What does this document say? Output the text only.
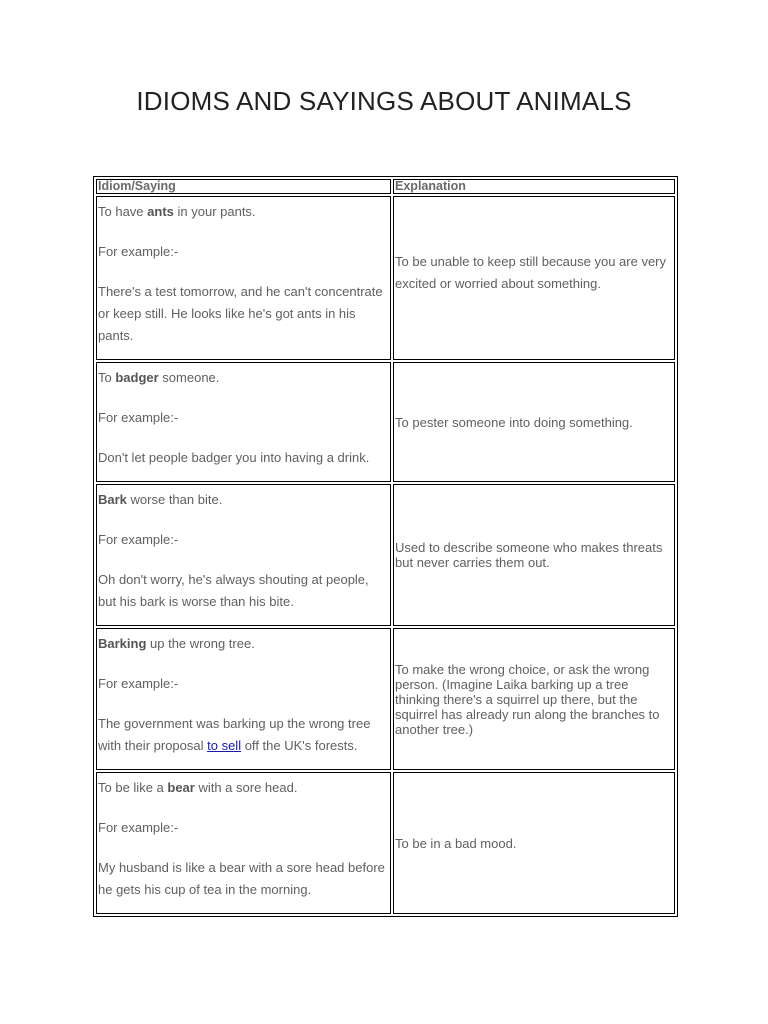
IDIOMS AND SAYINGS ABOUT ANIMALS
Idiom/Saying	Explanation

To have ants in your pants.

For example:-

There's a test tomorrow, and he can't concentrate or keep still. He looks like he's got ants in his pants.	To be unable to keep still because you are very excited or worried about something.

To badger someone.

For example:-

Don't let people badger you into having a drink.	To pester someone into doing something.

Bark worse than bite.

For example:-

Oh don't worry, he's always shouting at people, but his bark is worse than his bite.	Used to describe someone who makes threats but never carries them out.

Barking up the wrong tree.

For example:-

The government was barking up the wrong tree with their proposal to sell off the UK's forests.	To make the wrong choice, or ask the wrong person. (Imagine Laika barking up a tree thinking there's a squirrel up there, but the squirrel has already run along the branches to another tree.)

To be like a bear with a sore head.

For example:-

My husband is like a bear with a sore head before he gets his cup of tea in the morning.	To be in a bad mood.
